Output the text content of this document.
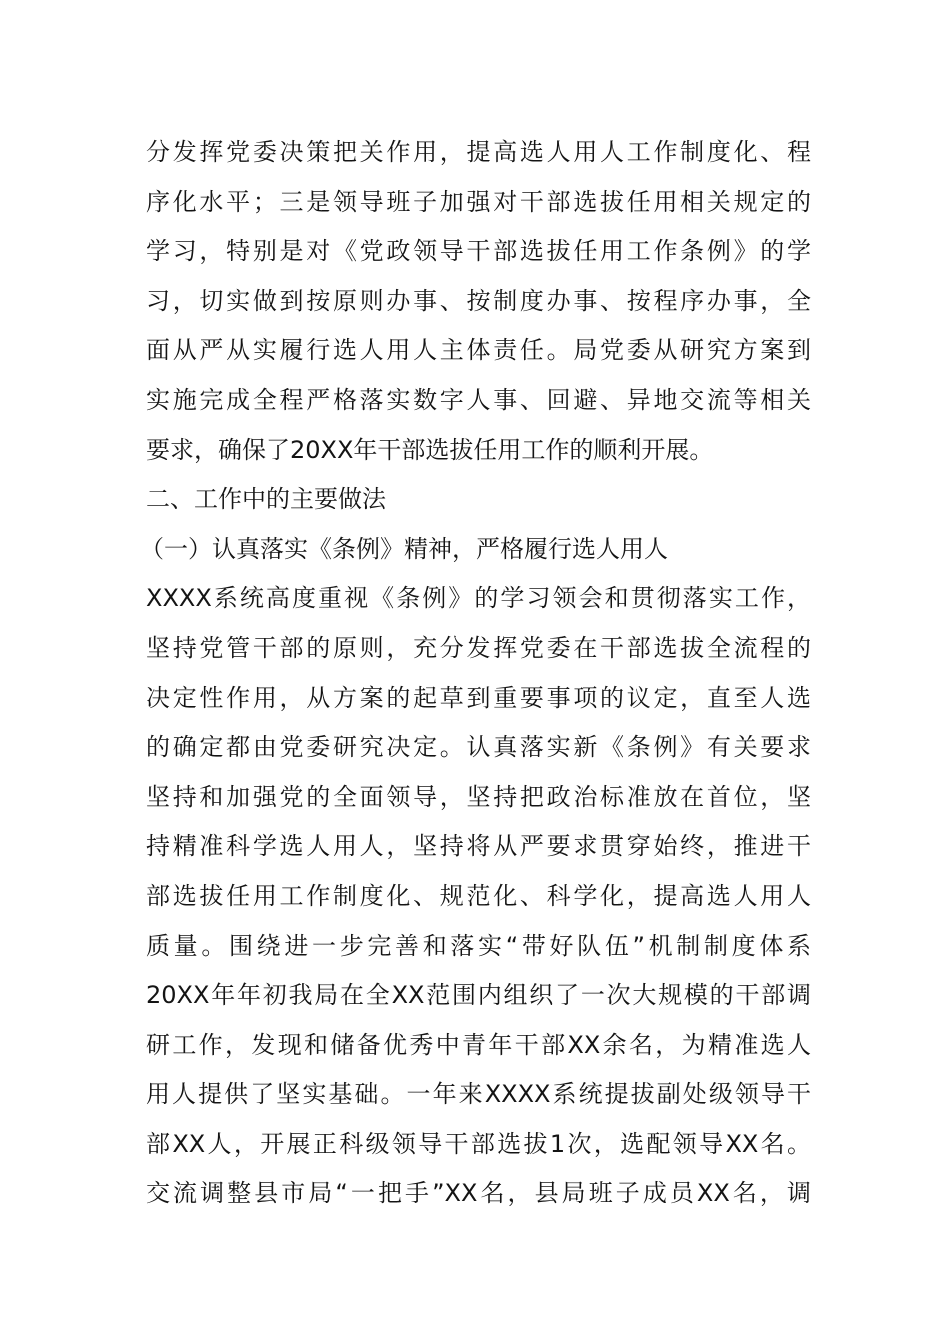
分发挥党委决策把关作用，提高选人用人工作制度化、程
序化水平；三是领导班子加强对干部选拔任用相关规定的
学习，特别是对《党政领导干部选拔任用工作条例》的学
习，切实做到按原则办事、按制度办事、按程序办事，全
面从严从实履行选人用人主体责任。局党委从研究方案到
实施完成全程严格落实数字人事、回避、异地交流等相关
要求，确保了20XX年干部选拔任用工作的顺利开展。
二、工作中的主要做法
（一）认真落实《条例》精神，严格履行选人用人
XXXX系统高度重视《条例》的学习领会和贯彻落实工作，
坚持党管干部的原则，充分发挥党委在干部选拔全流程的
决定性作用，从方案的起草到重要事项的议定，直至人选
的确定都由党委研究决定。认真落实新《条例》有关要求
坚持和加强党的全面领导，坚持把政治标准放在首位，坚
持精准科学选人用人，坚持将从严要求贯穿始终，推进干
部选拔任用工作制度化、规范化、科学化，提高选人用人
质量。围绕进一步完善和落实“带好队伍”机制制度体系
20XX年年初我局在全XX范围内组织了一次大规模的干部调
研工作，发现和储备优秀中青年干部XX余名，为精准选人
用人提供了坚实基础。一年来XXXX系统提拔副处级领导干
部XX人，开展正科级领导干部选拔1次，选配领导XX名。
交流调整县市局“一把手”XX名，县局班子成员XX名，调
